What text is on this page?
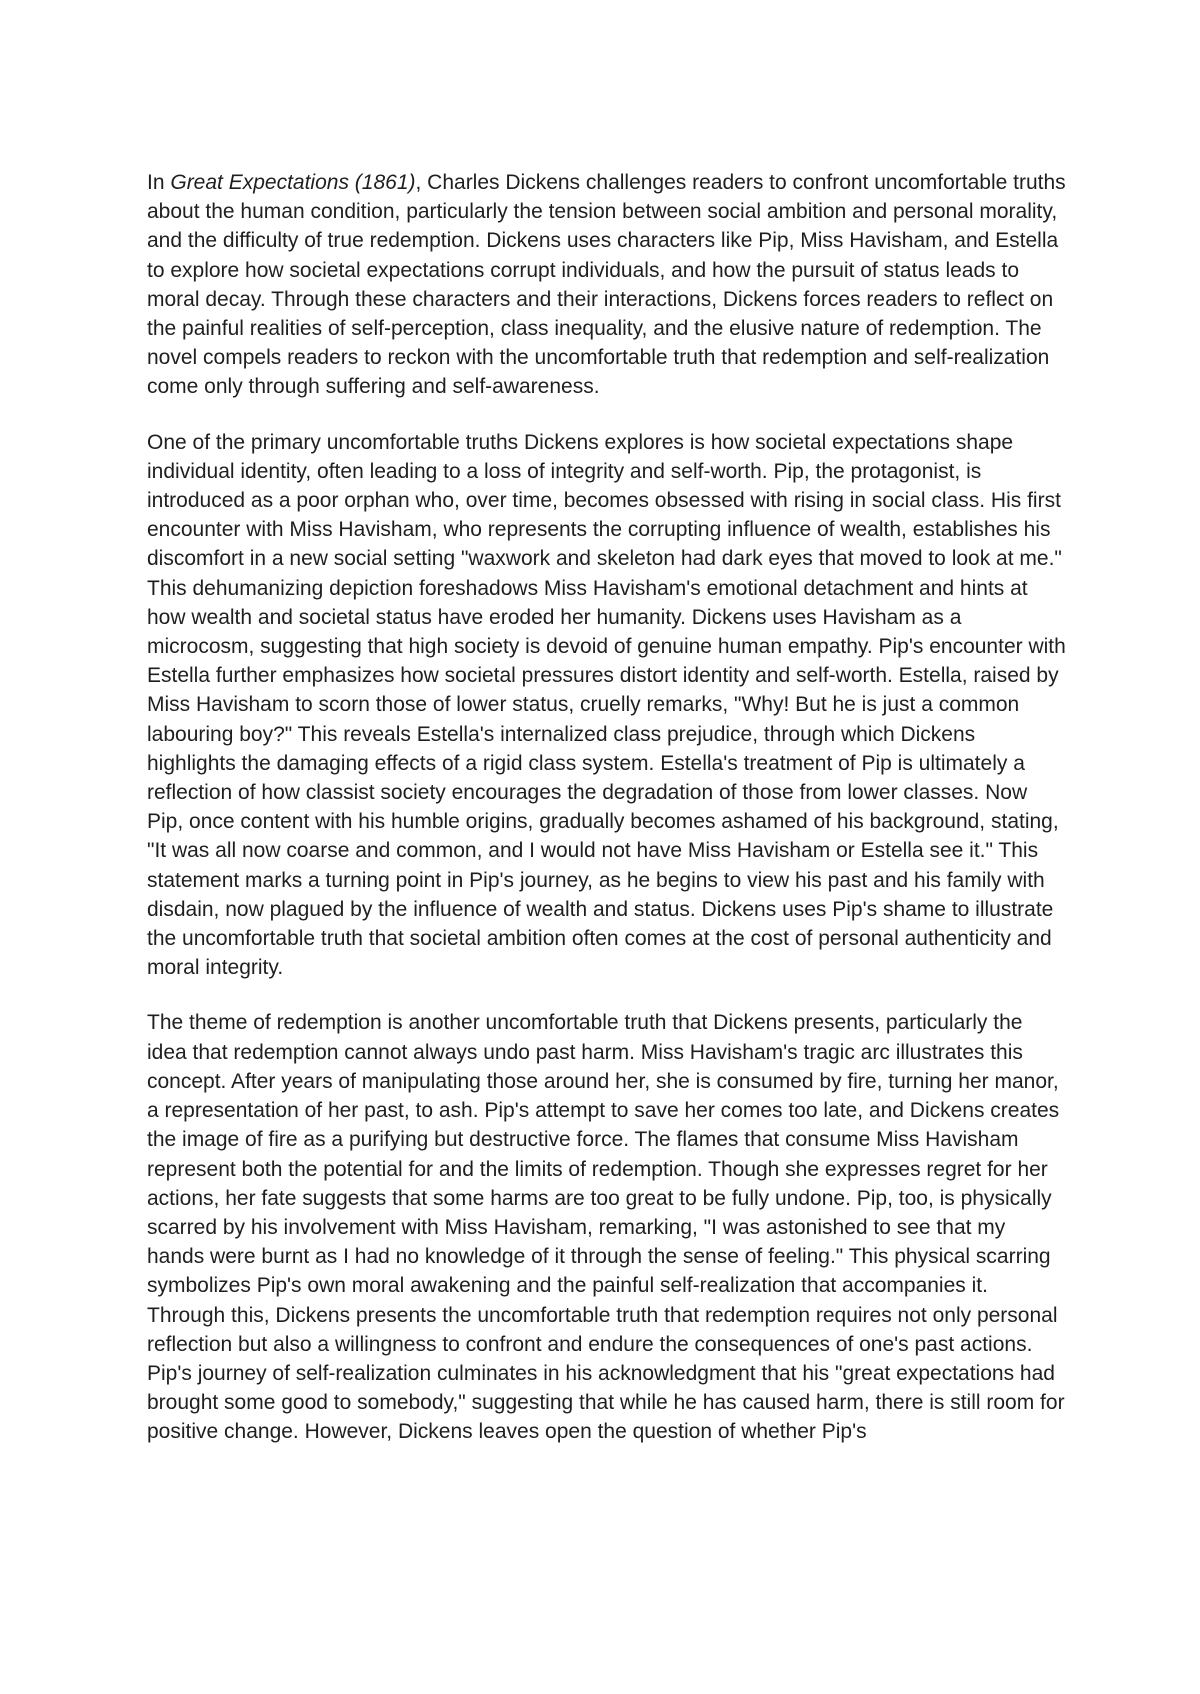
In Great Expectations (1861), Charles Dickens challenges readers to confront uncomfortable truths about the human condition, particularly the tension between social ambition and personal morality, and the difficulty of true redemption. Dickens uses characters like Pip, Miss Havisham, and Estella to explore how societal expectations corrupt individuals, and how the pursuit of status leads to moral decay. Through these characters and their interactions, Dickens forces readers to reflect on the painful realities of self-perception, class inequality, and the elusive nature of redemption. The novel compels readers to reckon with the uncomfortable truth that redemption and self-realization come only through suffering and self-awareness.

One of the primary uncomfortable truths Dickens explores is how societal expectations shape individual identity, often leading to a loss of integrity and self-worth. Pip, the protagonist, is introduced as a poor orphan who, over time, becomes obsessed with rising in social class. His first encounter with Miss Havisham, who represents the corrupting influence of wealth, establishes his discomfort in a new social setting "waxwork and skeleton had dark eyes that moved to look at me." This dehumanizing depiction foreshadows Miss Havisham's emotional detachment and hints at how wealth and societal status have eroded her humanity. Dickens uses Havisham as a microcosm, suggesting that high society is devoid of genuine human empathy. Pip's encounter with Estella further emphasizes how societal pressures distort identity and self-worth. Estella, raised by Miss Havisham to scorn those of lower status, cruelly remarks, "Why! But he is just a common labouring boy?" This reveals Estella's internalized class prejudice, through which Dickens highlights the damaging effects of a rigid class system. Estella's treatment of Pip is ultimately a reflection of how classist society encourages the degradation of those from lower classes. Now Pip, once content with his humble origins, gradually becomes ashamed of his background, stating, "It was all now coarse and common, and I would not have Miss Havisham or Estella see it." This statement marks a turning point in Pip's journey, as he begins to view his past and his family with disdain, now plagued by the influence of wealth and status. Dickens uses Pip's shame to illustrate the uncomfortable truth that societal ambition often comes at the cost of personal authenticity and moral integrity.

The theme of redemption is another uncomfortable truth that Dickens presents, particularly the idea that redemption cannot always undo past harm. Miss Havisham's tragic arc illustrates this concept. After years of manipulating those around her, she is consumed by fire, turning her manor, a representation of her past, to ash. Pip's attempt to save her comes too late, and Dickens creates the image of fire as a purifying but destructive force. The flames that consume Miss Havisham represent both the potential for and the limits of redemption. Though she expresses regret for her actions, her fate suggests that some harms are too great to be fully undone. Pip, too, is physically scarred by his involvement with Miss Havisham, remarking, "I was astonished to see that my hands were burnt as I had no knowledge of it through the sense of feeling." This physical scarring symbolizes Pip's own moral awakening and the painful self-realization that accompanies it. Through this, Dickens presents the uncomfortable truth that redemption requires not only personal reflection but also a willingness to confront and endure the consequences of one's past actions. Pip's journey of self-realization culminates in his acknowledgment that his "great expectations had brought some good to somebody," suggesting that while he has caused harm, there is still room for positive change. However, Dickens leaves open the question of whether Pip's
